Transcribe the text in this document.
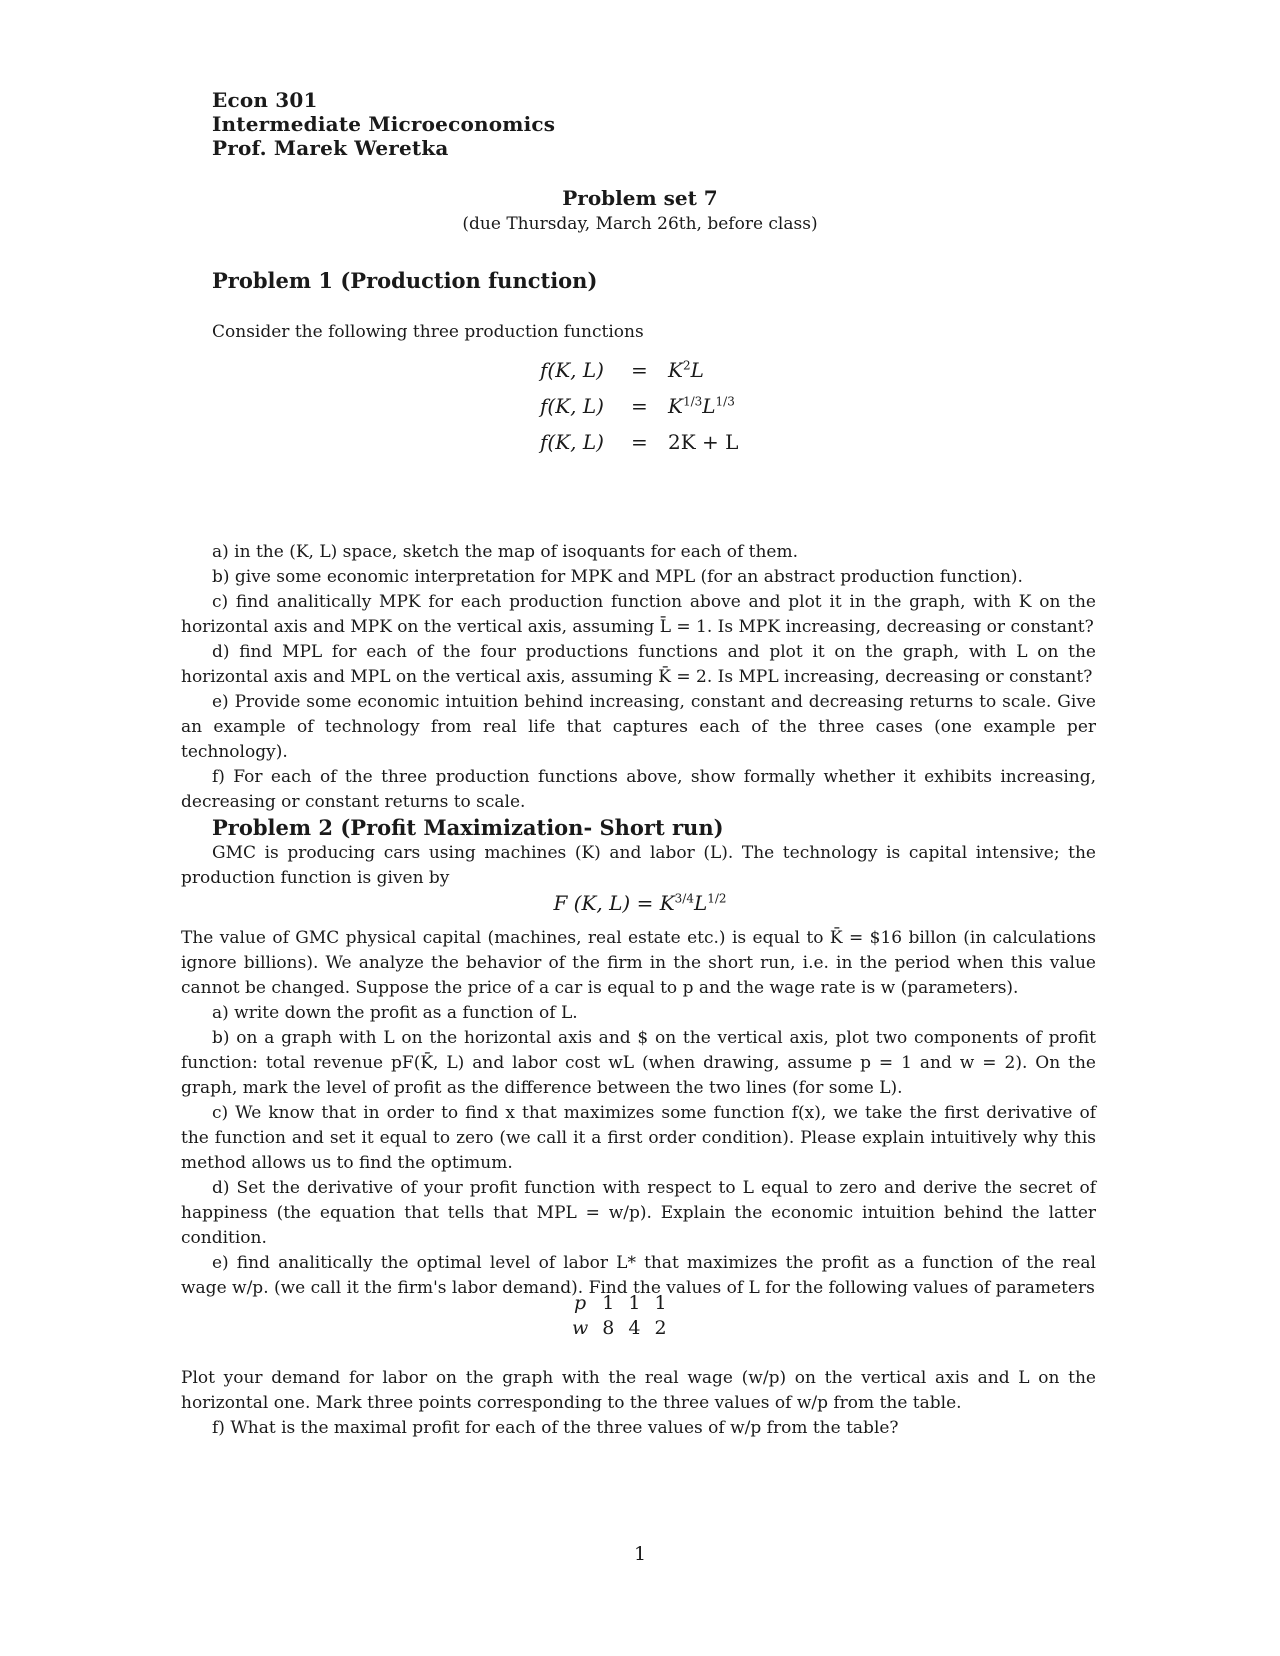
Econ 301
Intermediate Microeconomics
Prof. Marek Weretka
Problem set 7
(due Thursday, March 26th, before class)
Problem 1 (Production function)
Consider the following three production functions
f(K, $L) = K^2L$
f(K, $L) = K^{1/3}L^{1/3}$
f(K, L) = 2K + L
a) in the (K, L) space, sketch the map of isoquants for each of them.
b) give some economic interpretation for MPK and MPL (for an abstract production function).
c) find analitically MPK for each production function above and plot it in the graph, with K on the horizontal axis and MPK on the vertical axis, assuming L̄ = 1. Is MPK increasing, decreasing or constant?
d) find MPL for each of the four productions functions and plot it on the graph, with L on the horizontal axis and MPL on the vertical axis, assuming K̄ = 2. Is MPL increasing, decreasing or constant?
e) Provide some economic intuition behind increasing, constant and decreasing returns to scale. Give an example of technology from real life that captures each of the three cases (one example per technology).
f) For each of the three production functions above, show formally whether it exhibits increasing, decreasing or constant returns to scale.
Problem 2 (Profit Maximization- Short run)
GMC is producing cars using machines (K) and labor (L). The technology is capital intensive; the production function is given by
F (K, $L) = K^{3/4}L^{1/2}$
The value of GMC physical capital (machines, real estate etc.) is equal to K̄ = $16 billon (in calculations ignore billions). We analyze the behavior of the firm in the short run, i.e. in the period when this value cannot be changed. Suppose the price of a car is equal to p and the wage rate is w (parameters).
a) write down the profit as a function of L.
b) on a graph with L on the horizontal axis and $ on the vertical axis, plot two components of profit function: total revenue pF(K̄, L) and labor cost wL (when drawing, assume p = 1 and w = 2). On the graph, mark the level of profit as the difference between the two lines (for some L).
c) We know that in order to find x that maximizes some function f(x), we take the first derivative of the function and set it equal to zero (we call it a first order condition). Please explain intuitively why this method allows us to find the optimum.
d) Set the derivative of your profit function with respect to L equal to zero and derive the secret of happiness (the equation that tells that MPL = w/p). Explain the economic intuition behind the latter condition.
e) find analitically the optimal level of labor L* that maximizes the profit as a function of the real wage w/p. (we call it the firm's labor demand). Find the values of L for the following values of parameters
p	1	1	1
w	8	4	2
Plot your demand for labor on the graph with the real wage (w/p) on the vertical axis and L on the horizontal one. Mark three points corresponding to the three values of w/p from the table.
f) What is the maximal profit for each of the three values of w/p from the table?
1
